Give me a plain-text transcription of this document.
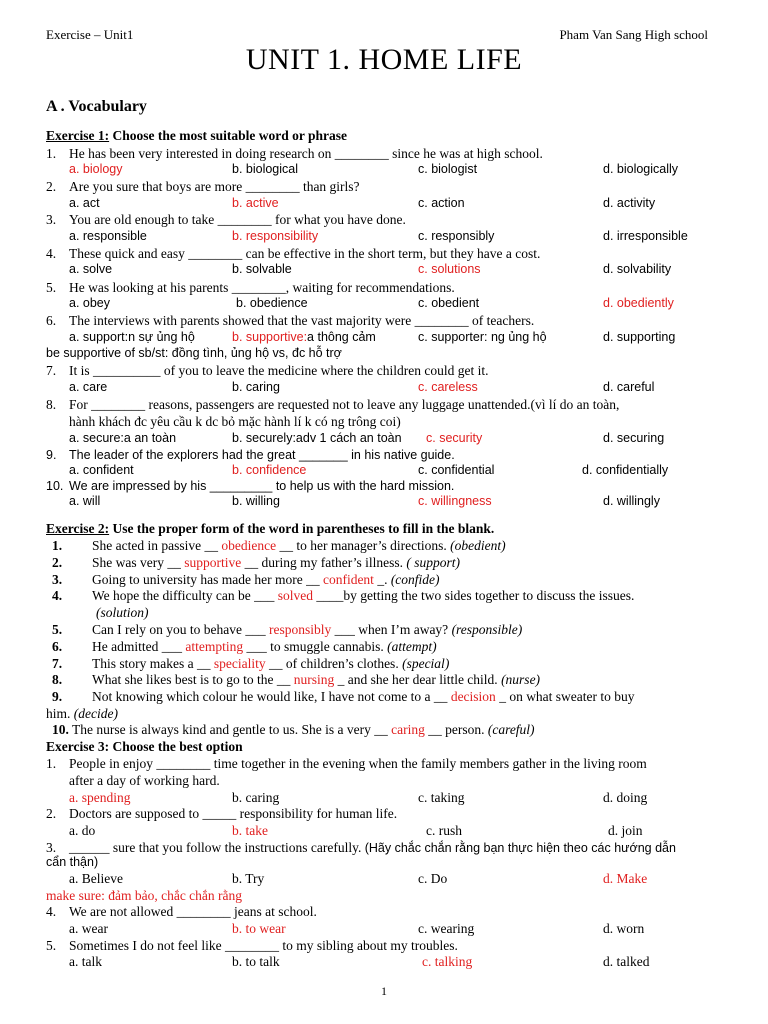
Exercise – Unit1	Pham Van Sang High school
UNIT 1. HOME LIFE
A . Vocabulary
Exercise 1: Choose the most suitable word or phrase
1. He has been very interested in doing research on ________ since he was at high school.
a. biology	b. biological	c. biologist	d. biologically
2. Are you sure that boys are more ________ than girls?
a. act	b. active	c. action	d. activity
3. You are old enough to take ________ for what you have done.
a. responsible	b. responsibility	c. responsibly	d. irresponsible
4. These quick and easy ________ can be effective in the short term, but they have a cost.
a. solve	b. solvable	c. solutions	d. solvability
5. He was looking at his parents ________, waiting for recommendations.
a. obey	b. obedience	c. obedient	d. obediently
6. The interviews with parents showed that the vast majority were ________ of teachers.
a. support:n sự ủng hộ	b. supportive:a thông cảm	c. supporter: ng ủng hộ	d. supporting
be supportive of sb/st: đồng tình, ủng hộ vs, đc hỗ trợ
7. It is __________ of you to leave the medicine where the children could get it.
a. care	b. caring	c. careless	d. careful
8. For ________ reasons, passengers are requested not to leave any luggage unattended.(vì lí do an toàn,
hành khách đc yêu cầu k dc bỏ mặc hành lí k có ng trông coi)
a. secure:a an toàn	b. securely:adv 1 cách an toàn c. security	d. securing
9. The leader of the explorers had the great _______ in his native guide.
a. confident	b. confidence	c. confidential	d. confidentially
10. We are impressed by his _________ to help us with the hard mission.
a. will	b. willing	c. willingness	d. willingly
Exercise 2: Use the proper form of the word in parentheses to fill in the blank.
1. She acted in passive __ obedience __ to her manager’s directions. (obedient)
2. She was very __ supportive __ during my father’s illness. ( support)
3. Going to university has made her more __ confident _. (confide)
4. We hope the difficulty can be ___ solved ____by getting the two sides together to discuss the issues.
(solution)
5. Can I rely on you to behave ___ responsibly ___ when I’m away? (responsible)
6. He admitted ___ attempting ___ to smuggle cannabis. (attempt)
7. This story makes a __ speciality __ of children’s clothes. (special)
8. What she likes best is to go to the __ nursing _ and she her dear little child. (nurse)
9. Not knowing which colour he would like, I have not come to a __ decision _ on what sweater to buy
him. (decide)
10. The nurse is always kind and gentle to us. She is a very __ caring __ person. (careful)
Exercise 3: Choose the best option
1. People in enjoy ________ time together in the evening when the family members gather in the living room
after a day of working hard.
a. spending	b. caring	c. taking	d. doing
2. Doctors are supposed to _____ responsibility for human life.
a. do	b. take	c. rush	d. join
3. ______ sure that you follow the instructions carefully. (Hãy chắc chắn rằng bạn thực hiện theo các hướng dẫn
cẩn thận)
a. Believe	b. Try	c. Do	d. Make
make sure: đảm bảo, chắc chắn rằng
4. We are not allowed ________ jeans at school.
a. wear	b. to wear	c. wearing	d. worn
5. Sometimes I do not feel like ________ to my sibling about my troubles.
a. talk	b. to talk	c. talking	d. talked
1
